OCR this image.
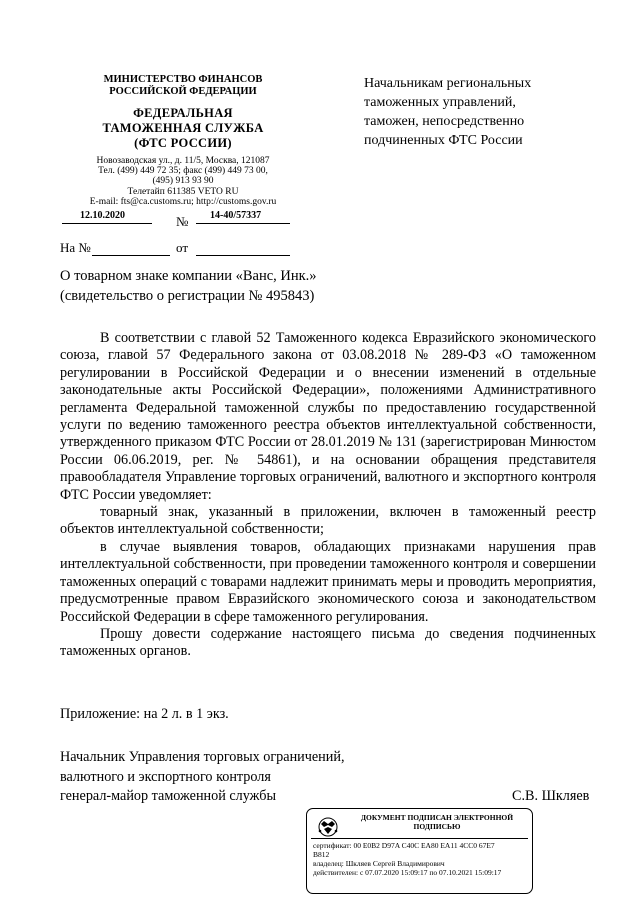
МИНИСТЕРСТВО ФИНАНСОВ
РОССИЙСКОЙ ФЕДЕРАЦИИ
ФЕДЕРАЛЬНАЯ
ТАМОЖЕННАЯ СЛУЖБА
(ФТС РОССИИ)
Новозаводская ул., д. 11/5, Москва, 121087
Тел. (499) 449 72 35; факс (499) 449 73 00,
(495) 913 93 90
Телетайп 611385 VETO RU
E-mail: fts@ca.customs.ru; http://customs.gov.ru
12.10.2020	№ 14-40/57337
На №	от
Начальникам региональных
таможенных управлений,
таможен, непосредственно
подчиненных ФТС России
О товарном знаке компании «Ванс, Инк.»
(свидетельство о регистрации № 495843)

В соответствии с главой 52 Таможенного кодекса Евразийского экономического союза, главой 57 Федерального закона от 03.08.2018 № 289-ФЗ «О таможенном регулировании в Российской Федерации и о внесении изменений в отдельные законодательные акты Российской Федерации», положениями Административного регламента Федеральной таможенной службы по предоставлению государственной услуги по ведению таможенного реестра объектов интеллектуальной собственности, утвержденного приказом ФТС России от 28.01.2019 № 131 (зарегистрирован Минюстом России 06.06.2019, рег. № 54861), и на основании обращения представителя правообладателя Управление торговых ограничений, валютного и экспортного контроля ФТС России уведомляет:

товарный знак, указанный в приложении, включен в таможенный реестр объектов интеллектуальной собственности;

в случае выявления товаров, обладающих признаками нарушения прав интеллектуальной собственности, при проведении таможенного контроля и совершении таможенных операций с товарами надлежит принимать меры и проводить мероприятия, предусмотренные правом Евразийского экономического союза и законодательством Российской Федерации в сфере таможенного регулирования.

Прошу довести содержание настоящего письма до сведения подчиненных таможенных органов.

Приложение: на 2 л. в 1 экз.
Начальник Управления торговых ограничений,
валютного и экспортного контроля
генерал-майор таможенной службы	С.В. Шкляев
ДОКУМЕНТ ПОДПИСАН ЭЛЕКТРОННОЙ
ПОДПИСЬЮ
сертификат: 00 E0B2 D97A C40C EA80 EA11 4CC0 67E7
B812
владелец: Шкляев Сергей Владимирович
действителен: с 07.07.2020 15:09:17 по 07.10.2021 15:09:17
